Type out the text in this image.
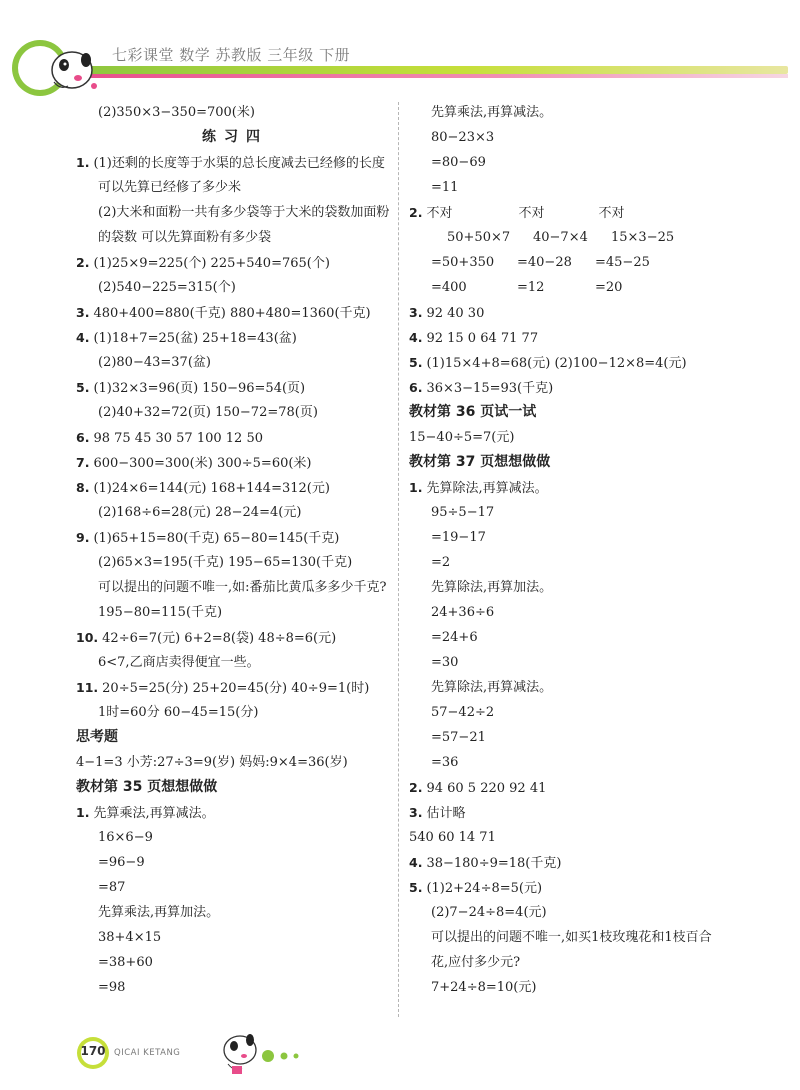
七彩课堂 数学 苏教版 三年级 下册
(2)350×3−350=700(米)
练习四
1. (1)还剩的长度等于水渠的总长度减去已经修的长度
可以先算已经修了多少米
(2)大米和面粉一共有多少袋等于大米的袋数加面粉
的袋数 可以先算面粉有多少袋
2. (1)25×9=225(个) 225+540=765(个)
(2)540−225=315(个)
3. 480+400=880(千克) 880+480=1360(千克)
4. (1)18+7=25(盆) 25+18=43(盆)
(2)80−43=37(盆)
5. (1)32×3=96(页) 150−96=54(页)
(2)40+32=72(页) 150−72=78(页)
6. 98 75 45 30 57 100 12 50
7. 600−300=300(米) 300÷5=60(米)
8. (1)24×6=144(元) 168+144=312(元)
(2)168÷6=28(元) 28−24=4(元)
9. (1)65+15=80(千克) 65−80=145(千克)
(2)65×3=195(千克) 195−65=130(千克)
可以提出的问题不唯一,如:番茄比黄瓜多多少千克?
195−80=115(千克)
10. 42÷6=7(元) 6+2=8(袋) 48÷8=6(元)
6<7,乙商店卖得便宜一些。
11. 20÷5=25(分) 25+20=45(分) 40÷9=1(时)
1时=60分 60−45=15(分)
思考题
4−1=3 小芳:27÷3=9(岁) 妈妈:9×4=36(岁)
教材第 35 页想想做做
1. 先算乘法,再算减法。
16×6−9
=96−9
=87
先算乘法,再算加法。
38+4×15
=38+60
=98
先算乘法,再算减法。
80−23×3
=80−69
=11
2. 不对	不对	不对
50+50×7 40−7×4 15×3−25
=50+350 =40−28 =45−25
=400	=12	=20
3. 92 40 30
4. 92 15 0 64 71 77
5. (1)15×4+8=68(元) (2)100−12×8=4(元)
6. 36×3−15=93(千克)
教材第 36 页试一试
15−40÷5=7(元)
教材第 37 页想想做做
1. 先算除法,再算减法。
95÷5−17
=19−17
=2
先算除法,再算加法。
24+36÷6
=24+6
=30
先算除法,再算减法。
57−42÷2
=57−21
=36
2. 94 60 5 220 92 41
3. 估计略
540 60 14 71
4. 38−180÷9=18(千克)
5. (1)2+24÷8=5(元)
(2)7−24÷8=4(元)
可以提出的问题不唯一,如买1枝玫瑰花和1枝百合
花,应付多少元?
7+24÷8=10(元)
170 QICAI KETANG
